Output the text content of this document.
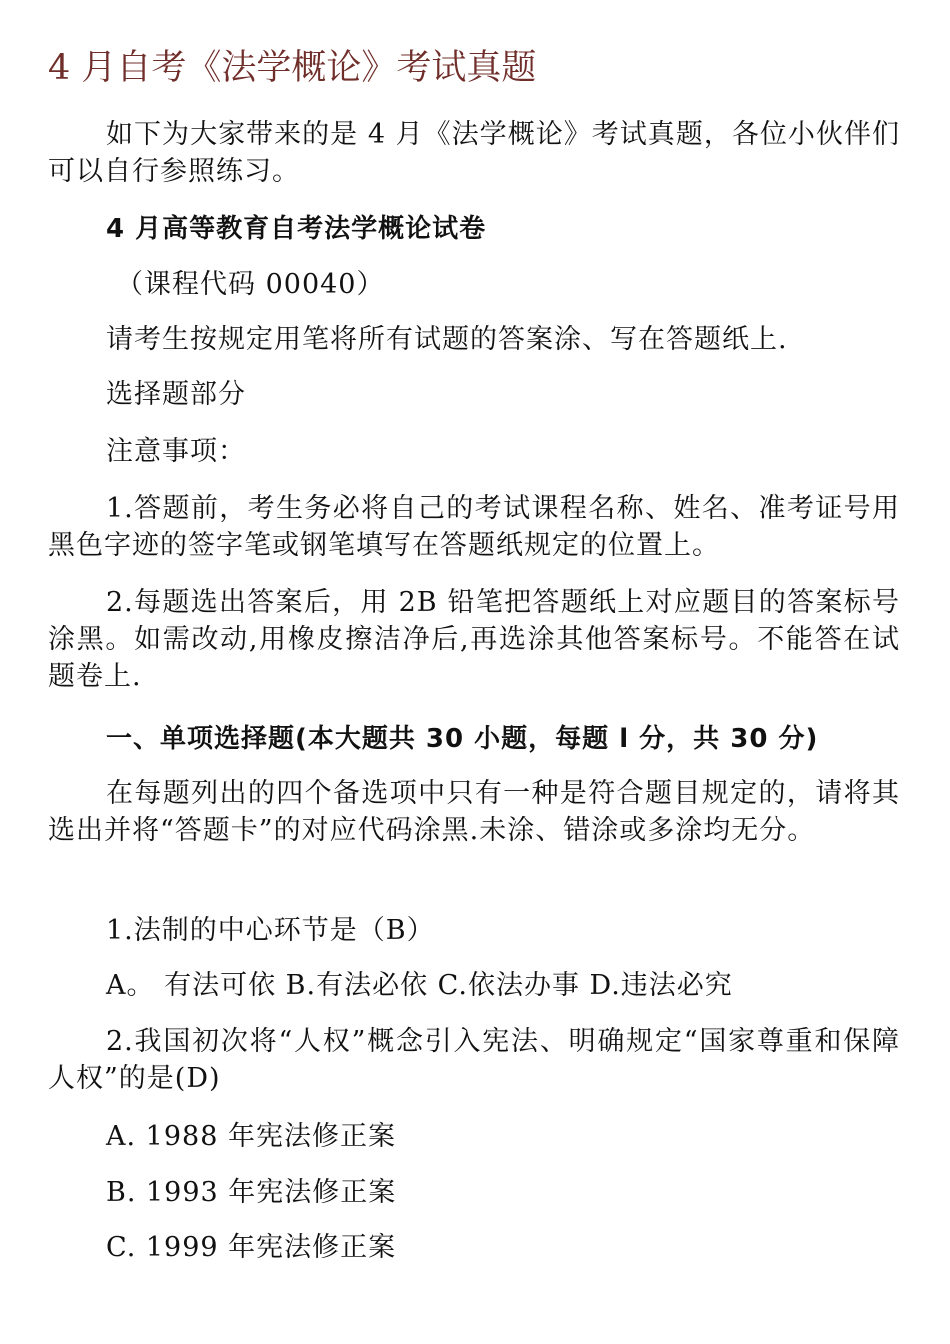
4 月自考《法学概论》考试真题
如下为大家带来的是 4 月《法学概论》考试真题，各位小伙伴们可以自行参照练习。
4 月高等教育自考法学概论试卷
（课程代码 00040）
请考生按规定用笔将所有试题的答案涂、写在答题纸上.
选择题部分
注意事项：
1.答题前，考生务必将自己的考试课程名称、姓名、准考证号用黑色字迹的签字笔或钢笔填写在答题纸规定的位置上。
2.每题选出答案后，用 2B 铅笔把答题纸上对应题目的答案标号涂黑。如需改动,用橡皮擦洁净后,再选涂其他答案标号。不能答在试题卷上.
一、单项选择题(本大题共 30 小题，每题 l 分，共 30 分)
在每题列出的四个备选项中只有一种是符合题目规定的，请将其选出并将“答题卡”的对应代码涂黑.未涂、错涂或多涂均无分。
1.法制的中心环节是（B）
A。 有法可依 B.有法必依 C.依法办事 D.违法必究
2.我国初次将“人权”概念引入宪法、明确规定“国家尊重和保障人权”的是(D)
A. 1988 年宪法修正案
B. 1993 年宪法修正案
C. 1999 年宪法修正案
